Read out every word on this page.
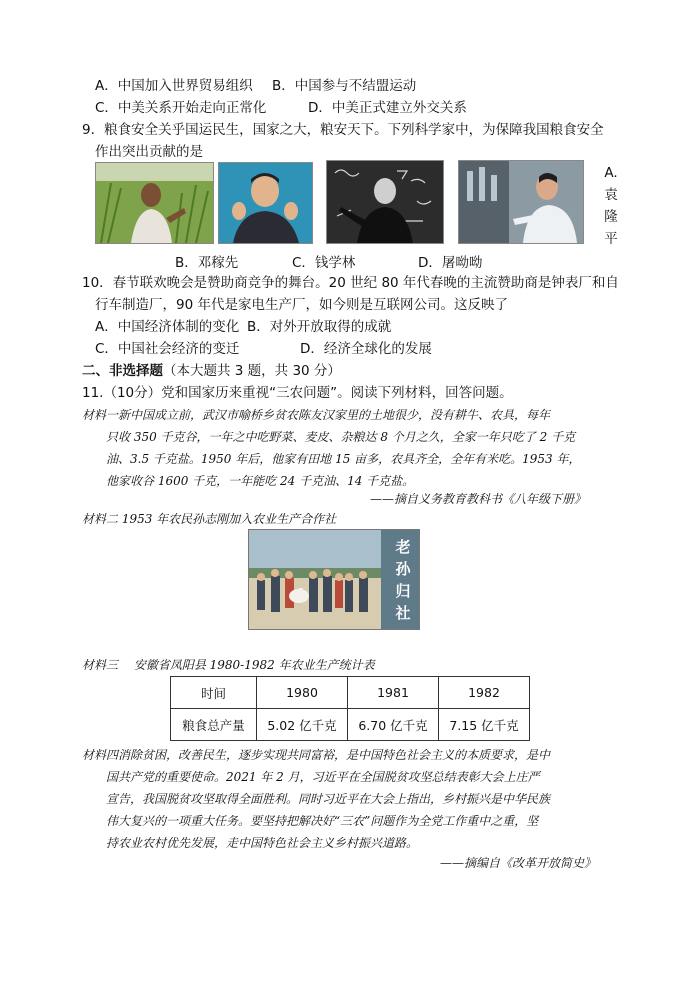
A．中国加入世界贸易组织 B．中国参与不结盟运动
C．中美关系开始走向正常化	D．中美正式建立外交关系
9．粮食安全关乎国运民生，国家之大，粮安天下。下列科学家中，为保障我国粮食安全
作出突出贡献的是
A.
袁
隆
平
B．邓稼先	C．钱学林	D．屠呦呦
10．春节联欢晚会是赞助商竞争的舞台。20 世纪 80 年代春晚的主流赞助商是钟表厂和自
行车制造厂，90 年代是家电生产厂，如今则是互联网公司。这反映了
A．中国经济体制的变化 B．对外开放取得的成就
C．中国社会经济的变迁	D．经济全球化的发展
二、非选择题（本大题共 3 题，共 30 分）
11.（10分）党和国家历来重视“三农问题”。阅读下列材料，回答问题。
材料一新中国成立前，武汉市喻桥乡贫农陈友汉家里的土地很少，没有耕牛、农具，每年
只收 350 千克谷，一年之中吃野菜、麦皮、杂粮达 8 个月之久，全家一年只吃了 2 千克
油、3.5 千克盐。1950 年后，他家有田地 15 亩多，农具齐全，全年有米吃。1953 年，
他家收谷 1600 千克，一年能吃 24 千克油、14 千克盐。
——摘自义务教育教科书《八年级下册》
材料二 1953 年农民孙志刚加入农业生产合作社
老孙归社
材料三　 安徽省凤阳县 1980-1982 年农业生产统计表
时间	1980	1981	1982
粮食总产量	5.02 亿千克	6.70 亿千克	7.15 亿千克
材料四消除贫困，改善民生，逐步实现共同富裕，是中国特色社会主义的本质要求，是中
国共产党的重要使命。2021 年 2 月，习近平在全国脱贫攻坚总结表彰大会上庄严
宣告，我国脱贫攻坚取得全面胜利。同时习近平在大会上指出，乡村振兴是中华民族
伟大复兴的一项重大任务。要坚持把解决好“三农”问题作为全党工作重中之重，坚
持农业农村优先发展，走中国特色社会主义乡村振兴道路。
——摘编自《改革开放简史》
